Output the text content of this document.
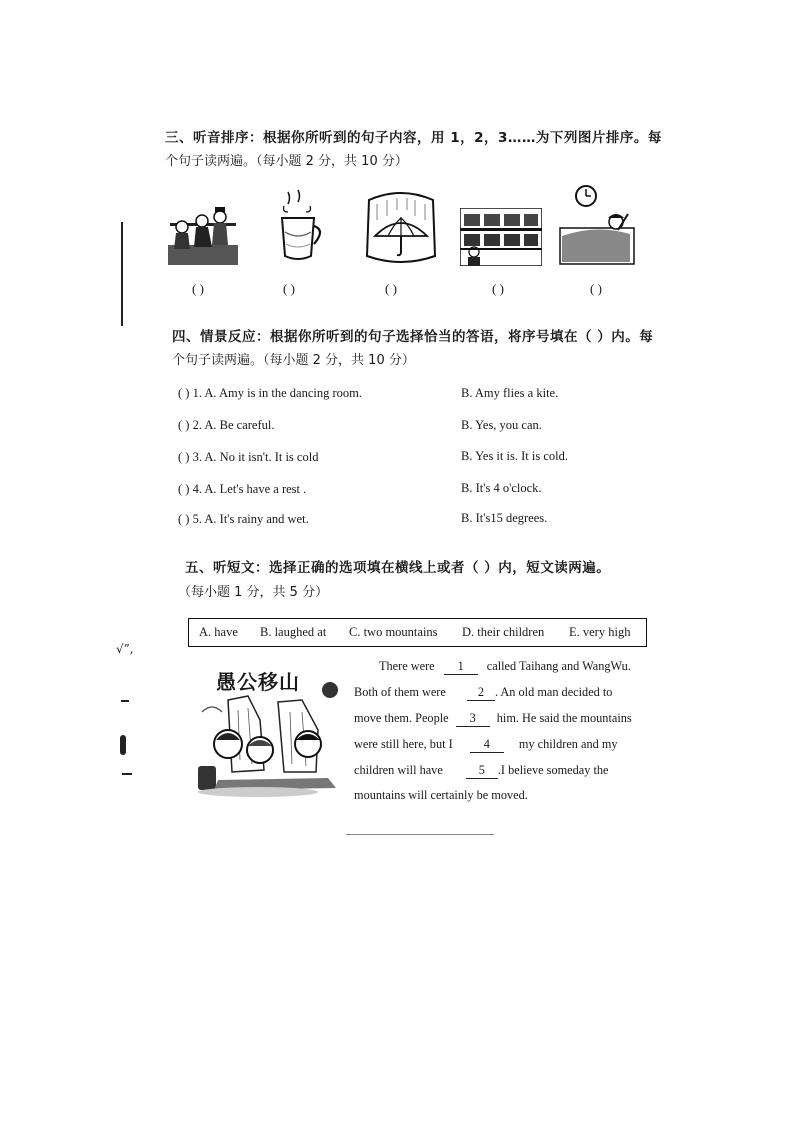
√”,
三、听音排序：根据你所听到的句子内容，用 1，2，3……为下列图片排序。每
个句子读两遍。（每小题 2 分，共 10 分）
( )	( )	( )	( )	( )
四、情景反应：根据你所听到的句子选择恰当的答语，将序号填在（ ）内。每
个句子读两遍。（每小题 2 分，共 10 分）
( ) 1. A. Amy is in the dancing room.	B. Amy flies a kite.
( ) 2. A. Be careful.	B. Yes, you can.
( ) 3. A. No it isn't. It is cold	B. Yes it is. It is cold.
( ) 4. A. Let's have a rest .	B. It's 4 o'clock.
( ) 5. A. It's rainy and wet.	B. It's15 degrees.
五、听短文：选择正确的选项填在横线上或者（ ）内，短文读两遍。
（每小题 1 分，共 5 分）
A. have B. laughed at C. two mountains D. their children E. very high
愚公移山
There were 1 called Taihang and WangWu.
Both of them were	2 . An old man decided to
move them. People 3 him. He said the mountains
were still here, but I	4 my children and my
children will have	5 .I believe someday the
mountains will certainly be moved.
